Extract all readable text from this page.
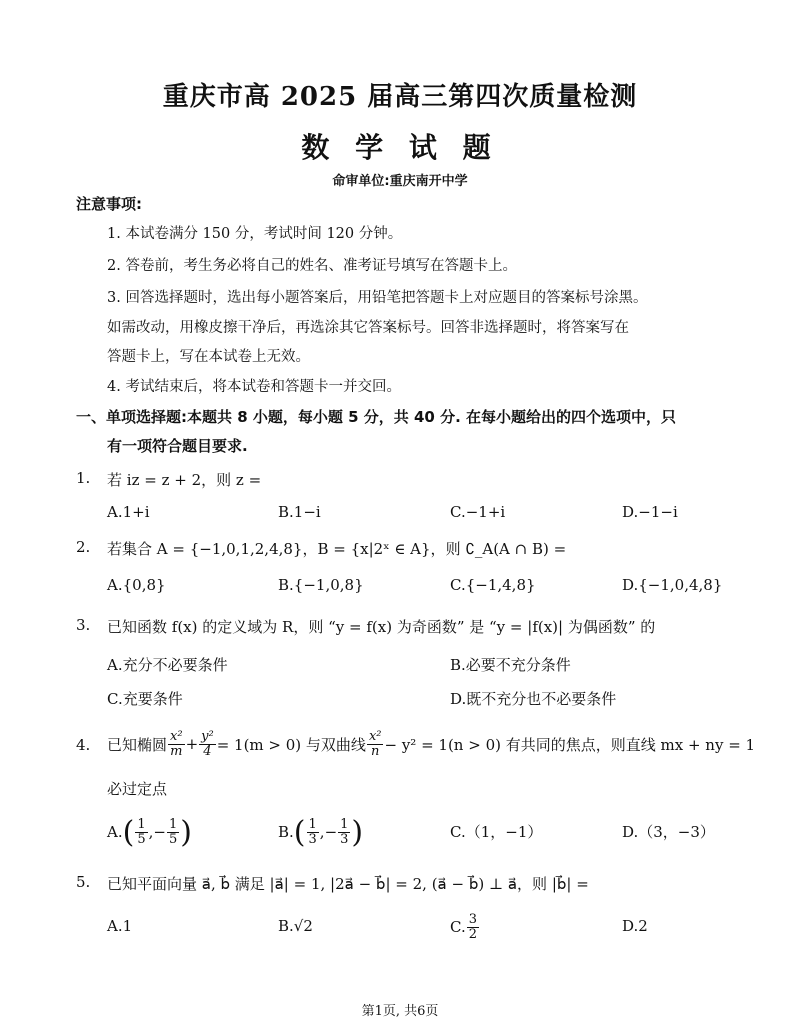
重庆市高 2025 届高三第四次质量检测
数 学 试 题
命审单位:重庆南开中学
注意事项:
1. 本试卷满分 150 分，考试时间 120 分钟。
2. 答卷前，考生务必将自己的姓名、准考证号填写在答题卡上。
3. 回答选择题时，选出每小题答案后，用铅笔把答题卡上对应题目的答案标号涂黑。
如需改动，用橡皮擦干净后，再选涂其它答案标号。回答非选择题时，将答案写在
答题卡上，写在本试卷上无效。
4. 考试结束后，将本试卷和答题卡一并交回。
一、单项选择题:本题共 8 小题，每小题 5 分，共 40 分. 在每小题给出的四个选项中，只
有一项符合题目要求.
1. 若 iz = z + 2，则 z =
A.1+i	B.1−i	C.−1+i	D.−1−i
2. 若集合 A = {−1,0,1,2,4,8}，B = {x|2ˣ ∈ A}，则 ∁_A(A ∩ B) =
A.{0,8}	B.{−1,0,8}	C.{−1,4,8}	D.{−1,0,4,8}
3. 已知函数 f(x) 的定义域为 R，则 “y = f(x) 为奇函数” 是 “y = |f(x)| 为偶函数” 的
A.充分不必要条件	B.必要不充分条件
C.充要条件	D.既不充分也不必要条件
4. 已知椭圆 $\frac{\text{x²}}{m} + \frac{\text{y²}}{4} = 1(m > 0)$ 与双曲线 $\frac{\text{x²}}{n} - y^2 = 1(n > 0)$ 有共同的焦点，则直线 mx + ny = 1
必过定点
A. ( $\frac{1}{5}$ ,− $\frac{1}{5}$ )	B. ( $\frac{1}{3}$ ,− $\frac{1}{3}$ )	C.（1，−1）	D.（3，−3）
5. 已知平面向量 a⃗, b⃗ 满足 |a⃗| = 1, |2a⃗ − b⃗| = 2, (a⃗ − b⃗) ⊥ a⃗，则 |b⃗| =
A.1	B.√2	C. $\frac{3}{2}$	D.2
第1页, 共6页
